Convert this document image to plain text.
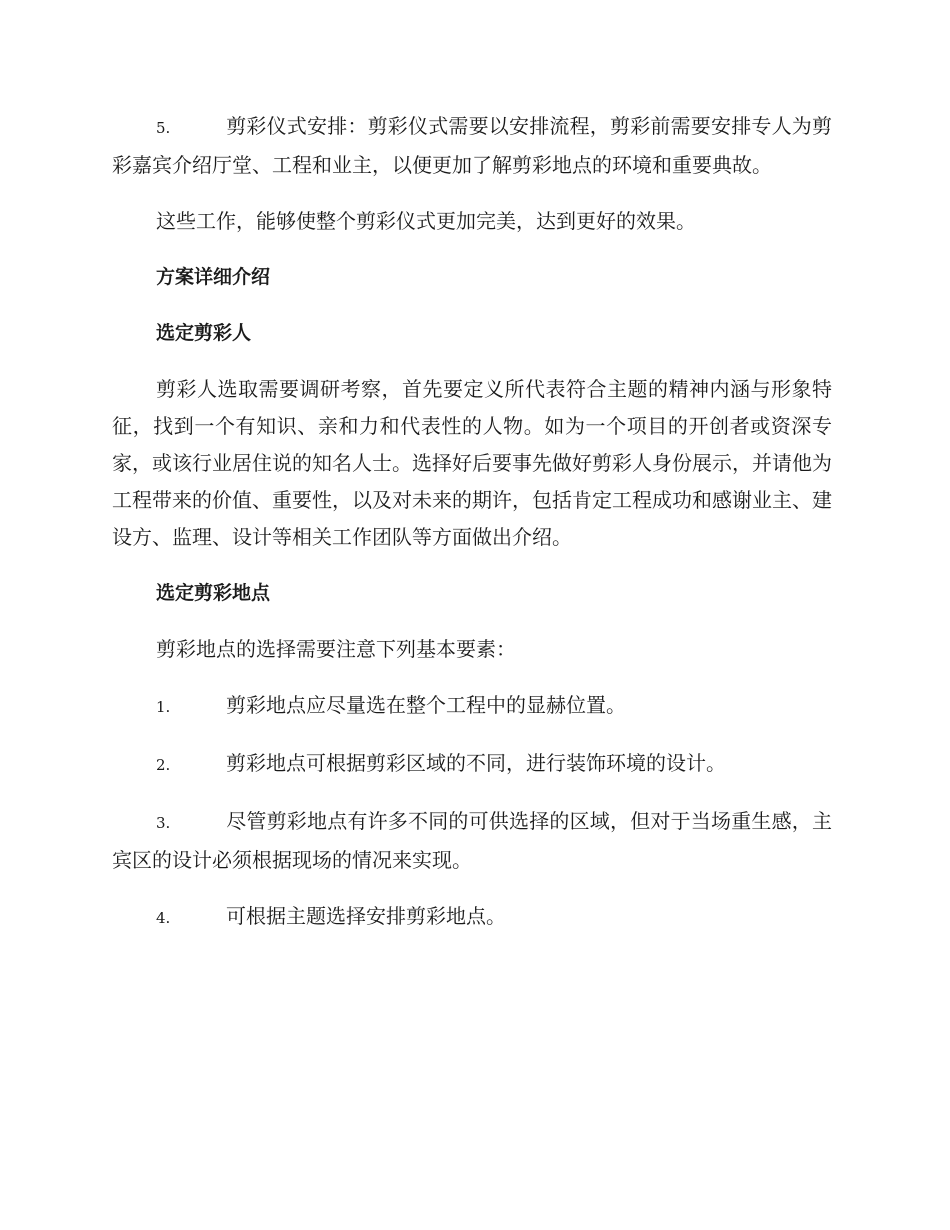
5.	剪彩仪式安排：剪彩仪式需要以安排流程，剪彩前需要安排专人为剪彩嘉宾介绍厅堂、工程和业主，以便更加了解剪彩地点的环境和重要典故。

这些工作，能够使整个剪彩仪式更加完美，达到更好的效果。

方案详细介绍
选定剪彩人

剪彩人选取需要调研考察，首先要定义所代表符合主题的精神内涵与形象特征，找到一个有知识、亲和力和代表性的人物。如为一个项目的开创者或资深专家，或该行业居住说的知名人士。选择好后要事先做好剪彩人身份展示，并请他为工程带来的价值、重要性，以及对未来的期许，包括肯定工程成功和感谢业主、建设方、监理、设计等相关工作团队等方面做出介绍。

选定剪彩地点

剪彩地点的选择需要注意下列基本要素：

1.	剪彩地点应尽量选在整个工程中的显赫位置。

2.	剪彩地点可根据剪彩区域的不同，进行装饰环境的设计。

3.	尽管剪彩地点有许多不同的可供选择的区域，但对于当场重生感，主宾区的设计必须根据现场的情况来实现。

4.	可根据主题选择安排剪彩地点。
